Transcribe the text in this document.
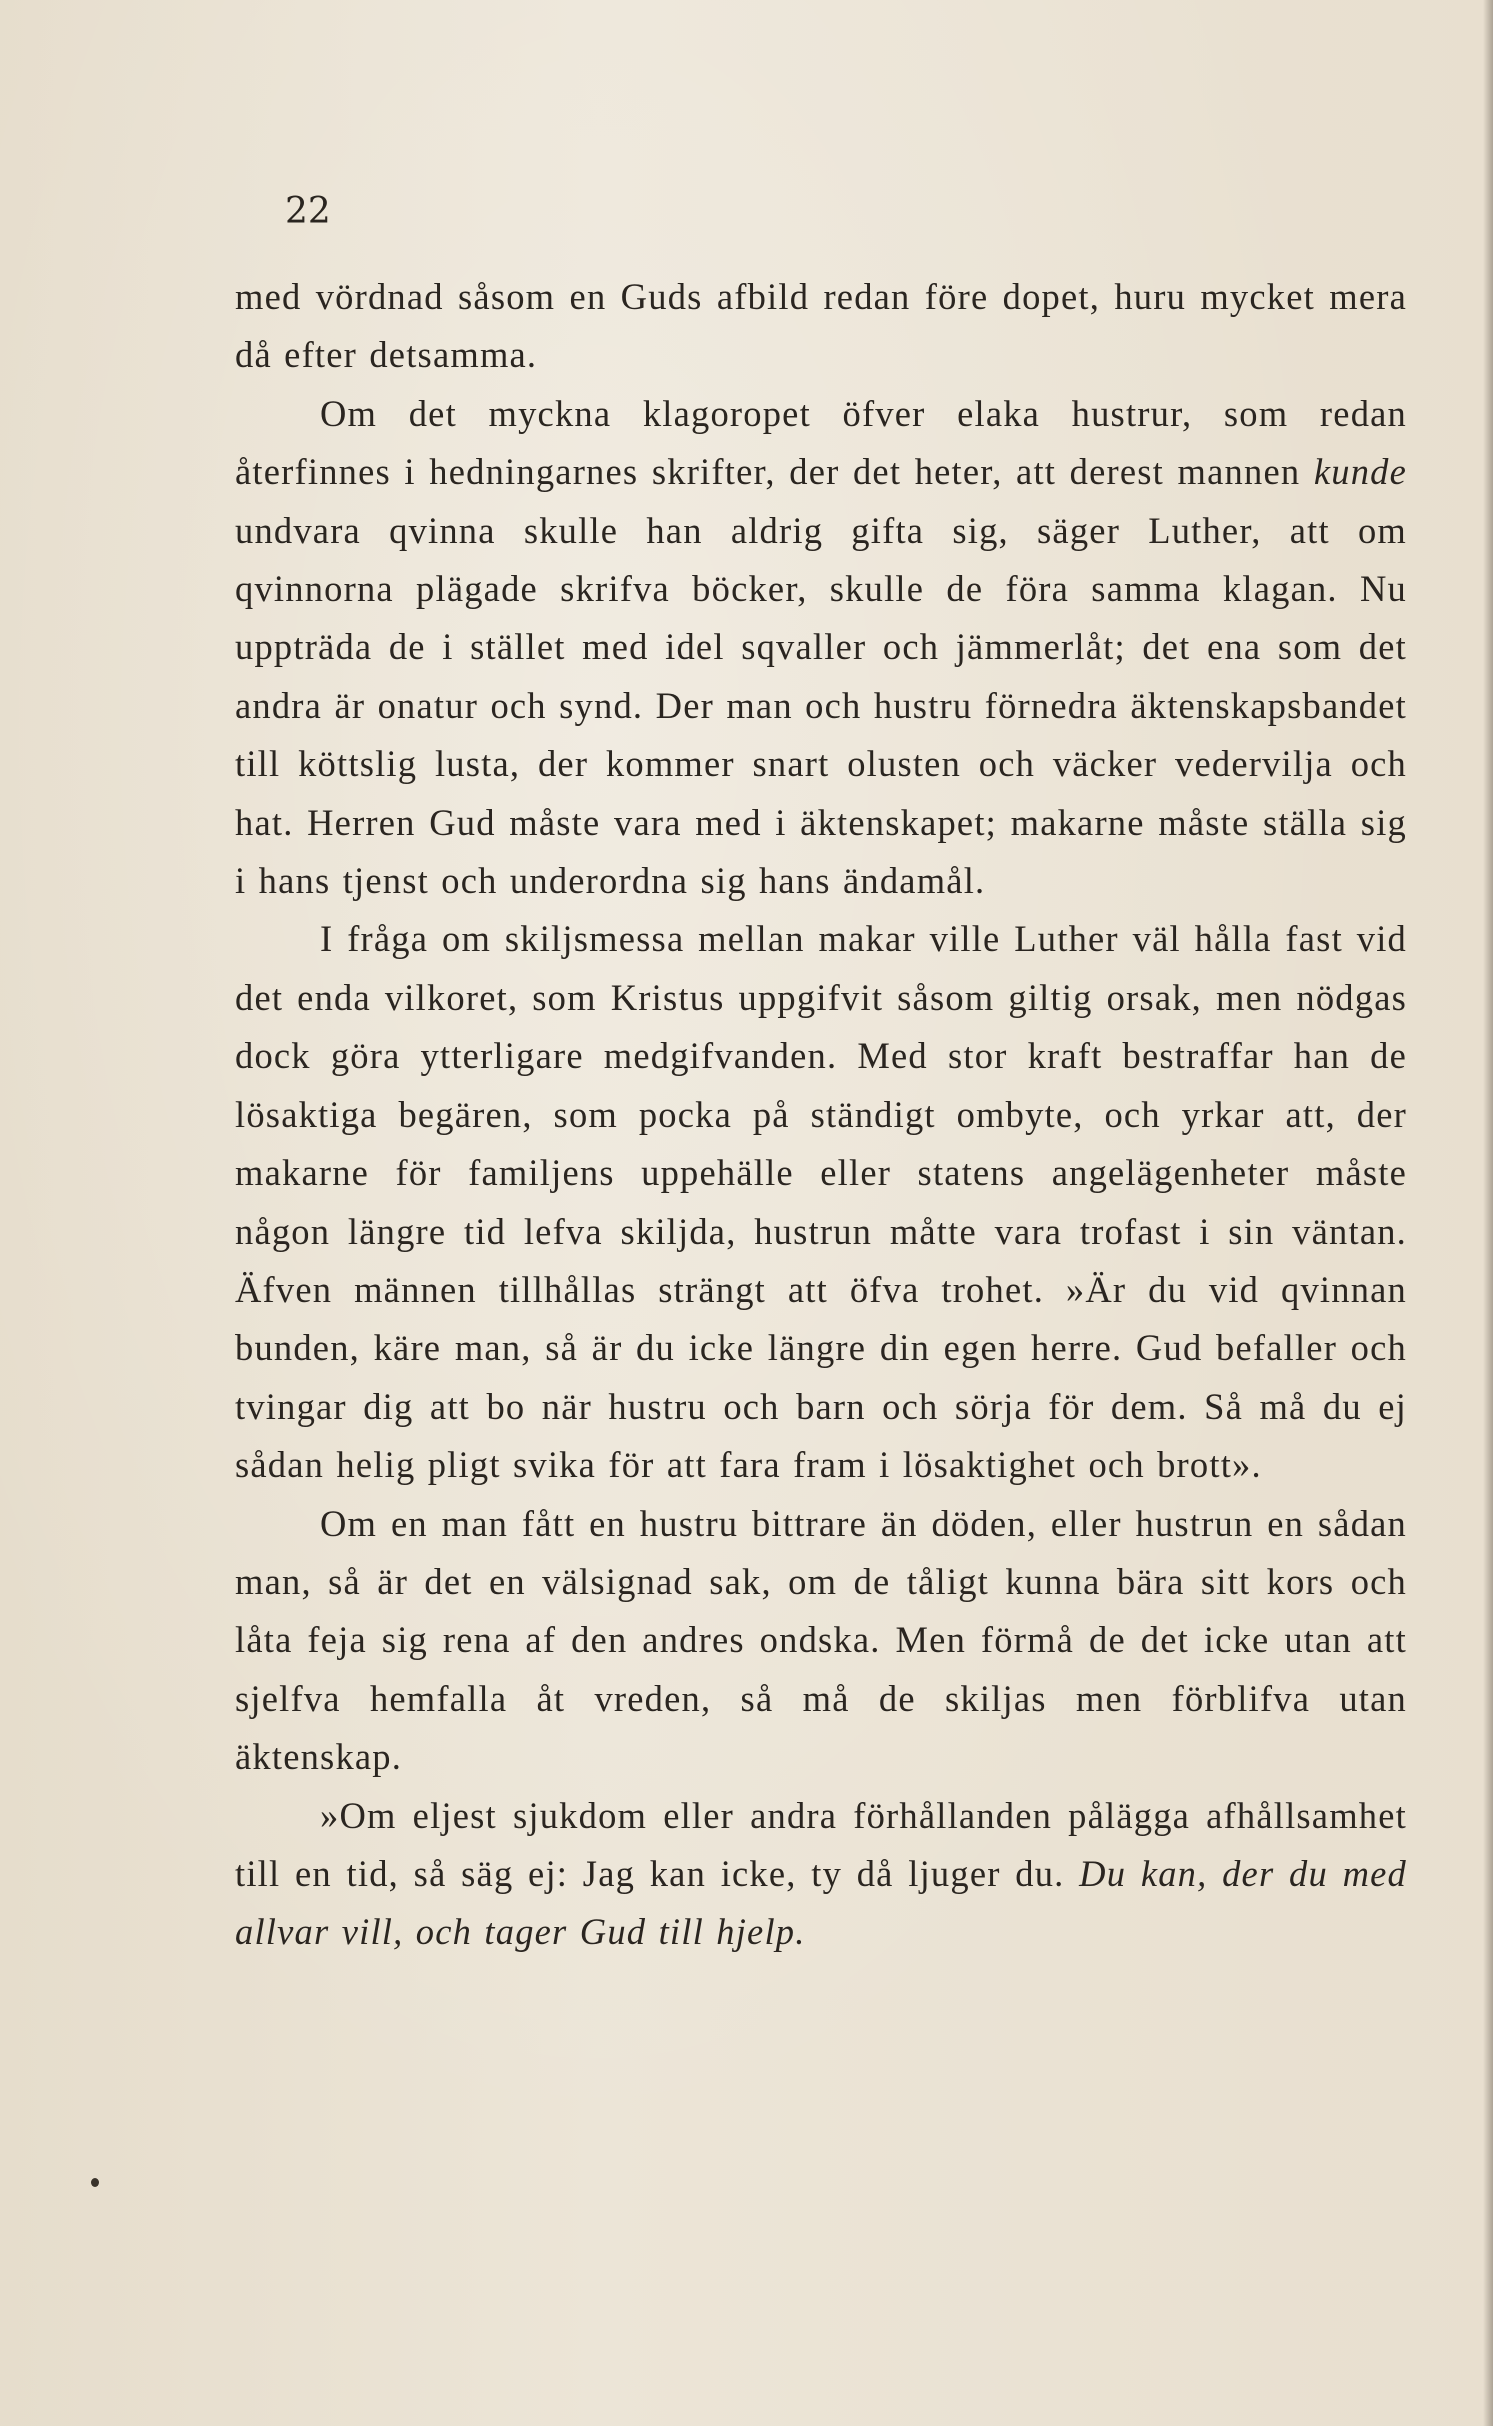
22

med vördnad såsom en Guds afbild redan före dopet, huru mycket mera då efter detsamma.

Om det myckna klagoropet öfver elaka hustrur, som redan återfinnes i hedningarnes skrifter, der det heter, att derest mannen kunde undvara qvinna skulle han aldrig gifta sig, säger Luther, att om qvinnorna plägade skrifva böcker, skulle de föra samma klagan. Nu uppträda de i stället med idel sqvaller och jämmerlåt; det ena som det andra är onatur och synd. Der man och hustru förnedra äktenskapsbandet till köttslig lusta, der kommer snart olusten och väcker vedervilja och hat. Herren Gud måste vara med i äktenskapet; makarne måste ställa sig i hans tjenst och underordna sig hans ändamål.

I fråga om skiljsmessa mellan makar ville Luther väl hålla fast vid det enda vilkoret, som Kristus uppgifvit såsom giltig orsak, men nödgas dock göra ytterligare medgifvanden. Med stor kraft bestraffar han de lösaktiga begären, som pocka på ständigt ombyte, och yrkar att, der makarne för familjens uppehälle eller statens angelägenheter måste någon längre tid lefva skiljda, hustrun måtte vara trofast i sin väntan. Äfven männen tillhållas strängt att öfva trohet. »Är du vid qvinnan bunden, käre man, så är du icke längre din egen herre. Gud befaller och tvingar dig att bo när hustru och barn och sörja för dem. Så må du ej sådan helig pligt svika för att fara fram i lösaktighet och brott».

Om en man fått en hustru bittrare än döden, eller hustrun en sådan man, så är det en välsignad sak, om de tåligt kunna bära sitt kors och låta feja sig rena af den andres ondska. Men förmå de det icke utan att sjelfva hemfalla åt vreden, så må de skiljas men förblifva utan äktenskap.

»Om eljest sjukdom eller andra förhållanden pålägga afhållsamhet till en tid, så säg ej: Jag kan icke, ty då ljuger du. Du kan, der du med allvar vill, och tager Gud till hjelp.
